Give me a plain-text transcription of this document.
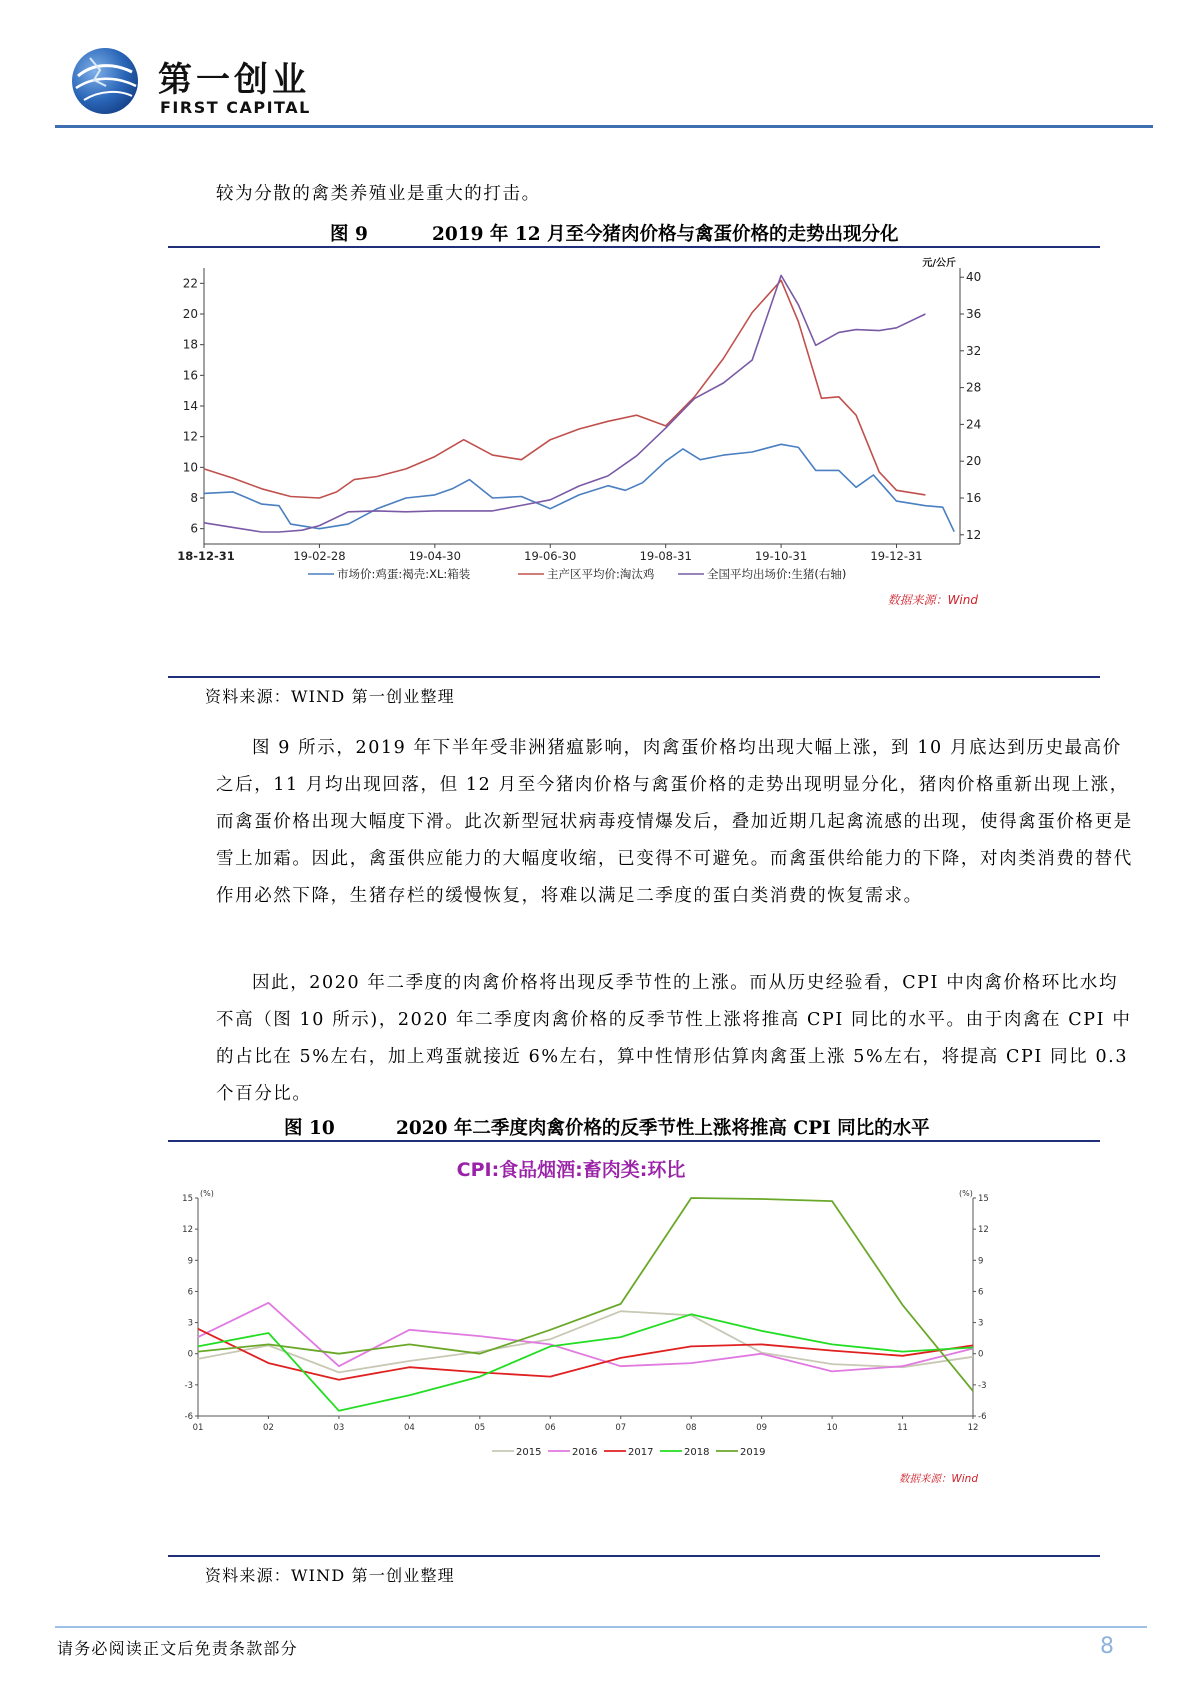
第一创业
FIRST CAPITAL

较为分散的禽类养殖业是重大的打击。

图 9	2019 年 12 月至今猪肉价格与禽蛋价格的走势出现分化
6
8
10
12
14
16
18
20
22
12
16
20
24
28
32
36
40
元/公斤
18-12-31	19-02-28	19-04-30	19-06-30	19-08-31	19-10-31	19-12-31
市场价:鸡蛋:褐壳:XL:箱装	主产区平均价:淘汰鸡	全国平均出场价:生猪(右轴)
数据来源：Wind
资料来源：WIND 第一创业整理

图 9 所示，2019 年下半年受非洲猪瘟影响，肉禽蛋价格均出现大幅上涨，到 10 月底达到历史最高价之后，11 月均出现回落，但 12 月至今猪肉价格与禽蛋价格的走势出现明显分化，猪肉价格重新出现上涨，而禽蛋价格出现大幅度下滑。此次新型冠状病毒疫情爆发后，叠加近期几起禽流感的出现，使得禽蛋价格更是雪上加霜。因此，禽蛋供应能力的大幅度收缩，已变得不可避免。而禽蛋供给能力的下降，对肉类消费的替代作用必然下降，生猪存栏的缓慢恢复，将难以满足二季度的蛋白类消费的恢复需求。

因此，2020 年二季度的肉禽价格将出现反季节性的上涨。而从历史经验看，CPI 中肉禽价格环比水均不高（图 10 所示)，2020 年二季度肉禽价格的反季节性上涨将推高 CPI 同比的水平。由于肉禽在 CPI 中的占比在 5%左右，加上鸡蛋就接近 6%左右，算中性情形估算肉禽蛋上涨 5%左右，将提高 CPI 同比 0.3 个百分比。

图 10	2020 年二季度肉禽价格的反季节性上涨将推高 CPI 同比的水平
CPI:食品烟酒:畜肉类:环比
(%)	(%)
-6	-6
-3	-3
0	0
3	3
6	6
9	9
12	12
15	15
01	02	03	04	05	06	07	08	09	10	11	12
2015	2016	2017	2018	2019
数据来源：Wind
资料来源：WIND 第一创业整理
请务必阅读正文后免责条款部分	8
